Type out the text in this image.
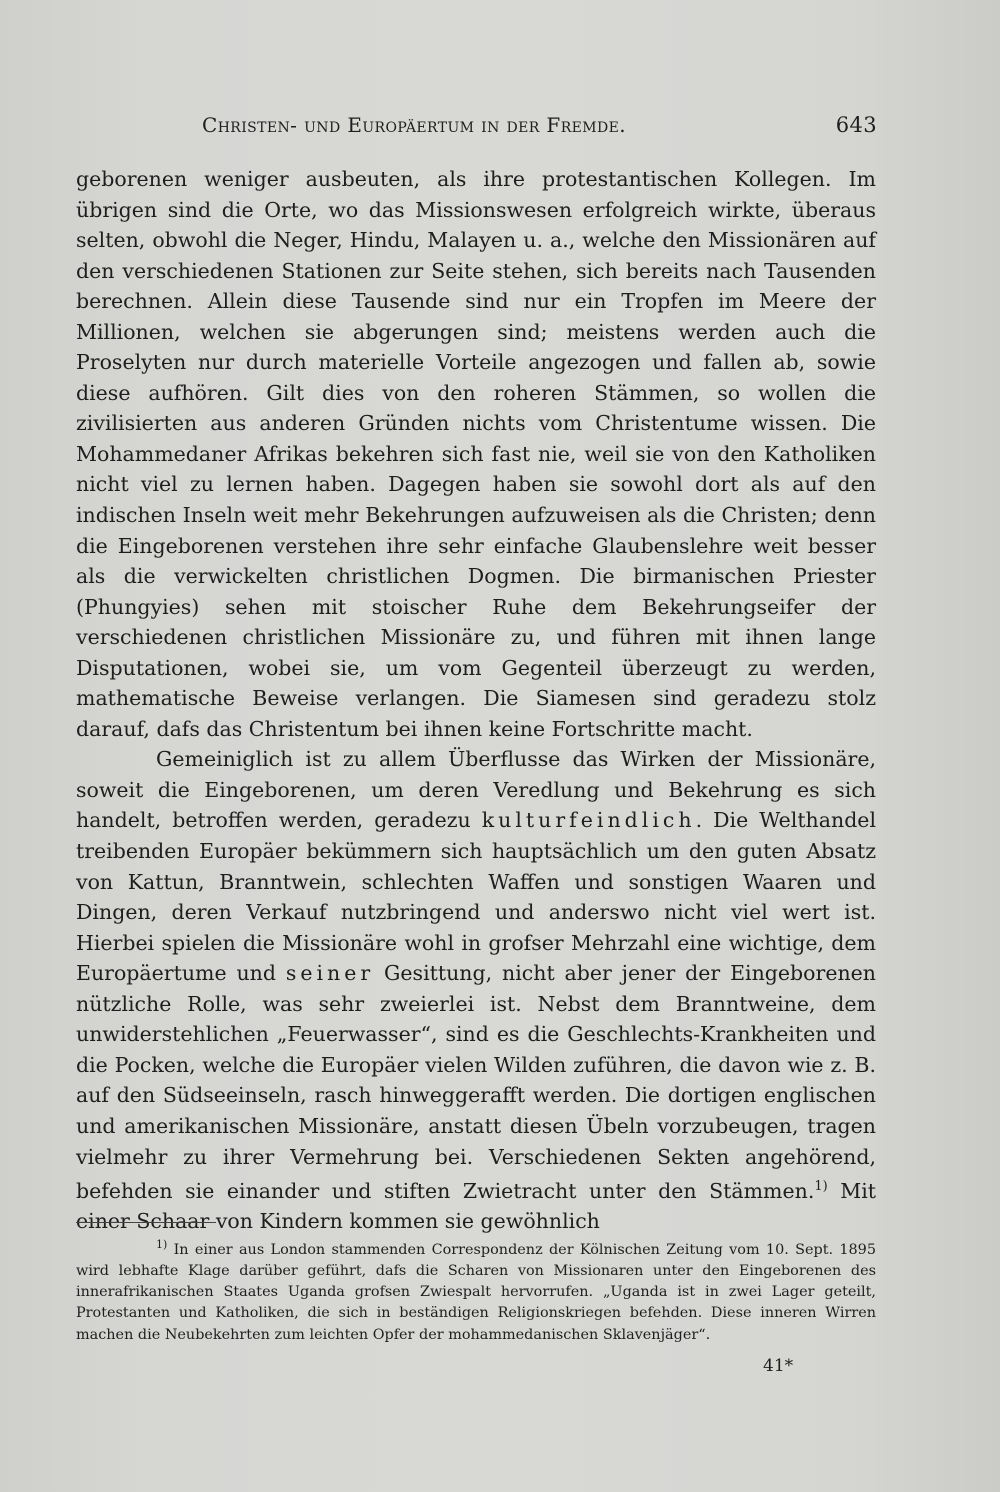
Christen- und Europäertum in der Fremde.	643

geborenen weniger ausbeuten, als ihre protestantischen Kollegen. Im übrigen sind die Orte, wo das Missionswesen erfolgreich wirkte, überaus selten, obwohl die Neger, Hindu, Malayen u. a., welche den Missionären auf den verschiedenen Stationen zur Seite stehen, sich bereits nach Tausenden berechnen. Allein diese Tausende sind nur ein Tropfen im Meere der Millionen, welchen sie abgerungen sind; meistens werden auch die Proselyten nur durch materielle Vorteile angezogen und fallen ab, sowie diese aufhören. Gilt dies von den roheren Stämmen, so wollen die zivilisierten aus anderen Gründen nichts vom Christentume wissen. Die Mohammedaner Afrikas bekehren sich fast nie, weil sie von den Katholiken nicht viel zu lernen haben. Dagegen haben sie sowohl dort als auf den indischen Inseln weit mehr Bekehrungen aufzuweisen als die Christen; denn die Eingeborenen verstehen ihre sehr einfache Glaubenslehre weit besser als die verwickelten christlichen Dogmen. Die birmanischen Priester (Phungyies) sehen mit stoischer Ruhe dem Bekehrungseifer der verschiedenen christlichen Missionäre zu, und führen mit ihnen lange Disputationen, wobei sie, um vom Gegenteil überzeugt zu werden, mathematische Beweise verlangen. Die Siamesen sind geradezu stolz darauf, dafs das Christentum bei ihnen keine Fortschritte macht.

Gemeiniglich ist zu allem Überflusse das Wirken der Missionäre, soweit die Eingeborenen, um deren Veredlung und Bekehrung es sich handelt, betroffen werden, geradezu kulturfeindlich. Die Welthandel treibenden Europäer bekümmern sich hauptsächlich um den guten Absatz von Kattun, Branntwein, schlechten Waffen und sonstigen Waaren und Dingen, deren Verkauf nutzbringend und anderswo nicht viel wert ist. Hierbei spielen die Missionäre wohl in grofser Mehrzahl eine wichtige, dem Europäertume und seiner Gesittung, nicht aber jener der Eingeborenen nützliche Rolle, was sehr zweierlei ist. Nebst dem Branntweine, dem unwiderstehlichen „Feuerwasser“, sind es die Geschlechts-Krankheiten und die Pocken, welche die Europäer vielen Wilden zuführen, die davon wie z. B. auf den Südseeinseln, rasch hinweggerafft werden. Die dortigen englischen und amerikanischen Missionäre, anstatt diesen Übeln vorzubeugen, tragen vielmehr zu ihrer Vermehrung bei. Verschiedenen Sekten angehörend, befehden sie einander und stiften Zwietracht unter den Stämmen.$^{1)}$ Mit einer Schaar von Kindern kommen sie gewöhnlich

$^{1)}$ In einer aus London stammenden Correspondenz der Kölnischen Zeitung vom 10. Sept. 1895 wird lebhafte Klage darüber geführt, dafs die Scharen von Missionaren unter den Eingeborenen des innerafrikanischen Staates Uganda grofsen Zwiespalt hervorrufen. „Uganda ist in zwei Lager geteilt, Protestanten und Katholiken, die sich in beständigen Religionskriegen befehden. Diese inneren Wirren machen die Neubekehrten zum leichten Opfer der mohammedanischen Sklavenjäger“.
41*
